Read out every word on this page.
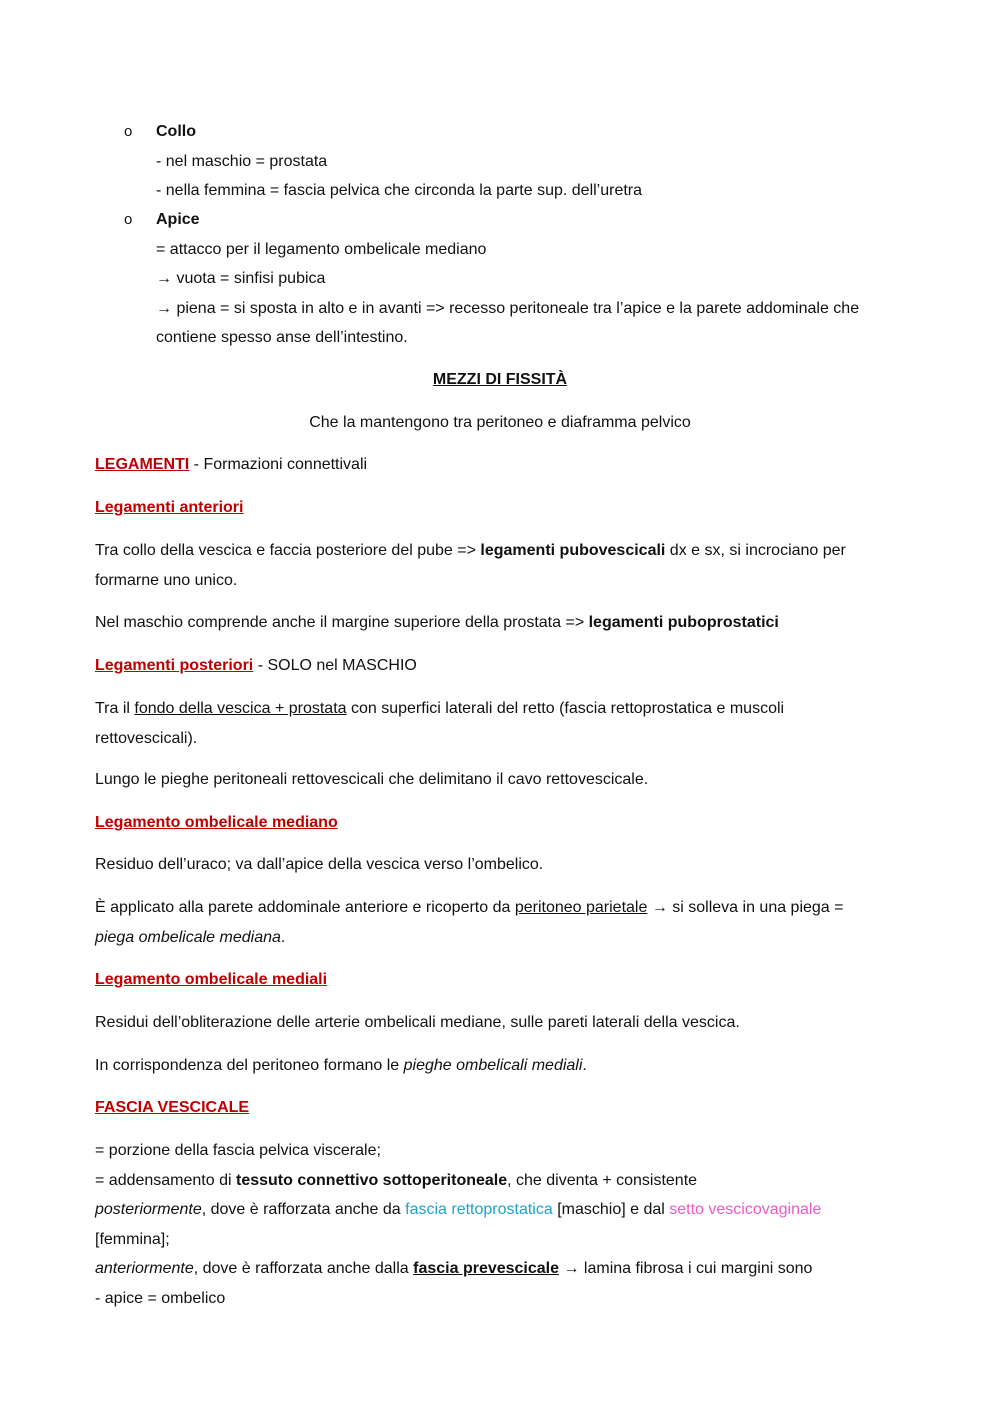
o Collo
- nel maschio = prostata
- nella femmina = fascia pelvica che circonda la parte sup. dell’uretra
o Apice
= attacco per il legamento ombelicale mediano
→ vuota = sinfisi pubica
→ piena = si sposta in alto e in avanti => recesso peritoneale tra l’apice e la parete addominale che
contiene spesso anse dell’intestino.
MEZZI DI FISSITÀ
Che la mantengono tra peritoneo e diaframma pelvico
LEGAMENTI - Formazioni connettivali
Legamenti anteriori
Tra collo della vescica e faccia posteriore del pube => legamenti pubovescicali dx e sx, si incrociano per
formarne uno unico.
Nel maschio comprende anche il margine superiore della prostata => legamenti puboprostatici
Legamenti posteriori - SOLO nel MASCHIO
Tra il fondo della vescica + prostata con superfici laterali del retto (fascia rettoprostatica e muscoli
rettovescicali).
Lungo le pieghe peritoneali rettovescicali che delimitano il cavo rettovescicale.
Legamento ombelicale mediano
Residuo dell’uraco; va dall’apice della vescica verso l’ombelico.
È applicato alla parete addominale anteriore e ricoperto da peritoneo parietale → si solleva in una piega =
piega ombelicale mediana.
Legamento ombelicale mediali
Residui dell’obliterazione delle arterie ombelicali mediane, sulle pareti laterali della vescica.
In corrispondenza del peritoneo formano le pieghe ombelicali mediali.
FASCIA VESCICALE
= porzione della fascia pelvica viscerale;
= addensamento di tessuto connettivo sottoperitoneale, che diventa + consistente
posteriormente, dove è rafforzata anche da fascia rettoprostatica [maschio] e dal setto vescicovaginale
[femmina];
anteriormente, dove è rafforzata anche dalla fascia prevescicale → lamina fibrosa i cui margini sono
- apice = ombelico
